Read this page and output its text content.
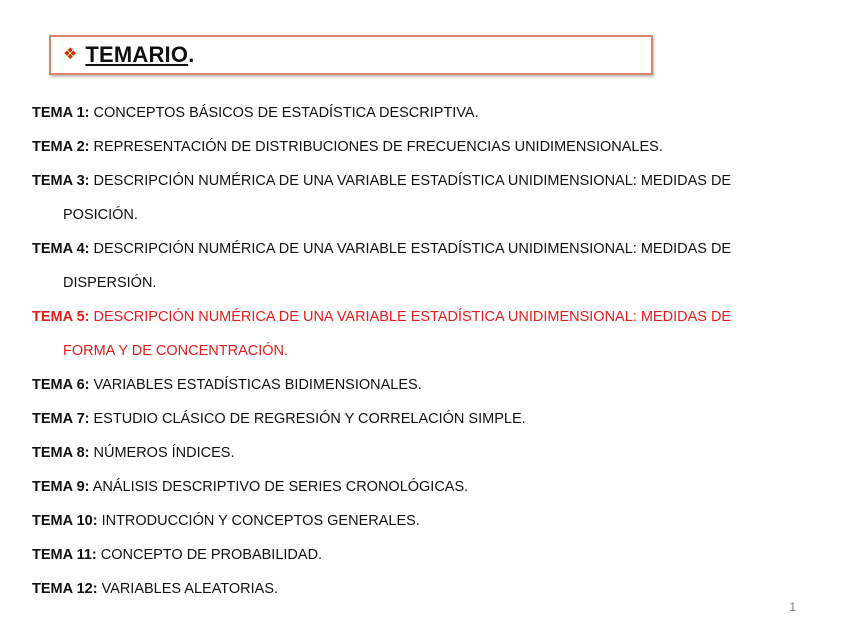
❖ TEMARIO .
TEMA 1: CONCEPTOS BÁSICOS DE ESTADÍSTICA DESCRIPTIVA.
TEMA 2: REPRESENTACIÓN DE DISTRIBUCIONES DE FRECUENCIAS UNIDIMENSIONALES.
TEMA 3: DESCRIPCIÓN NUMÉRICA DE UNA VARIABLE ESTADÍSTICA UNIDIMENSIONAL: MEDIDAS DE
POSICIÓN.
TEMA 4: DESCRIPCIÓN NUMÉRICA DE UNA VARIABLE ESTADÍSTICA UNIDIMENSIONAL: MEDIDAS DE
DISPERSIÓN.
TEMA 5: DESCRIPCIÓN NUMÉRICA DE UNA VARIABLE ESTADÍSTICA UNIDIMENSIONAL: MEDIDAS DE
FORMA Y DE CONCENTRACIÓN.
TEMA 6: VARIABLES ESTADÍSTICAS BIDIMENSIONALES.
TEMA 7: ESTUDIO CLÁSICO DE REGRESIÓN Y CORRELACIÓN SIMPLE.
TEMA 8: NÚMEROS ÍNDICES.
TEMA 9: ANÁLISIS DESCRIPTIVO DE SERIES CRONOLÓGICAS.
TEMA 10: INTRODUCCIÓN Y CONCEPTOS GENERALES.
TEMA 11: CONCEPTO DE PROBABILIDAD.
TEMA 12: VARIABLES ALEATORIAS.
1
